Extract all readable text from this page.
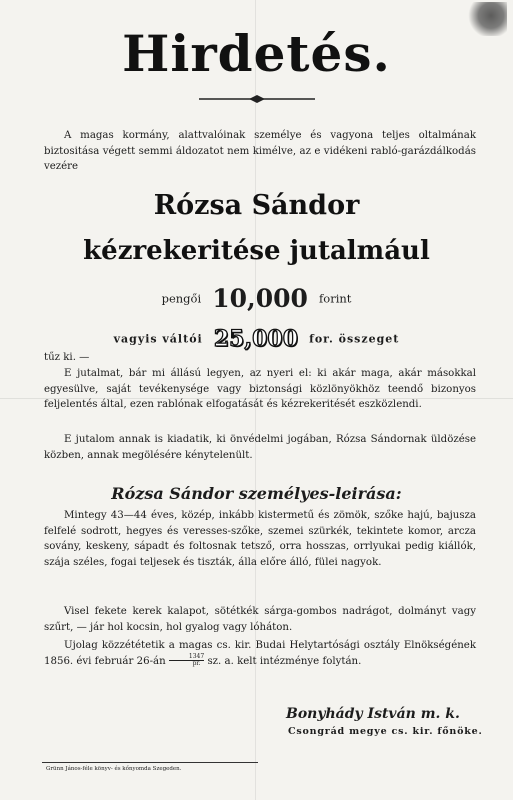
Hirdetés.
A magas kormány, alattvalóinak személye és vagyona teljes oltalmának biztositása végett semmi áldozatot nem kimélve, az e vidékeni rabló-garázdálkodás vezére
Rózsa Sándor
kézrekeritése jutalmául
pengői 10,000 forint
vagyis váltói 25,000 for. összeget
tűz ki. —
E jutalmat, bár mi állású legyen, az nyeri el: ki akár maga, akár másokkal egyesülve, saját tevékenysége vagy biztonsági közlönyökhöz teendő bizonyos feljelentés által, ezen rablónak elfogatását és kézrekeritését eszközlendi.
E jutalom annak is kiadatik, ki önvédelmi jogában, Rózsa Sándornak üldözése közben, annak megölésére kénytelenült.
Rózsa Sándor személyes-leirása:
Mintegy 43—44 éves, közép, inkább kistermetű és zömök, szőke hajú, bajusza felfelé sodrott, hegyes és veresses-szőke, szemei szürkék, tekintete komor, arcza sovány, keskeny, sápadt és foltosnak tetsző, orra hosszas, orrlyukai pedig kiállók, szája széles, fogai teljesek és tiszták, álla előre álló, fülei nagyok.
Visel fekete kerek kalapot, sötétkék sárga-gombos nadrágot, dolmányt vagy szűrt, — jár hol kocsin, hol gyalog vagy lóháton.
Ujolag közzététetik a magas cs. kir. Budai Helytartósági osztály Elnökségének 1856. évi február 26-án $\frac{1347}{pr.}$ sz. a. kelt intézménye folytán.
Bonyhády István m. k.
Csongrád megye cs. kir. főnöke.
Grünn János-féle könyv- és kőnyomda Szegeden.
